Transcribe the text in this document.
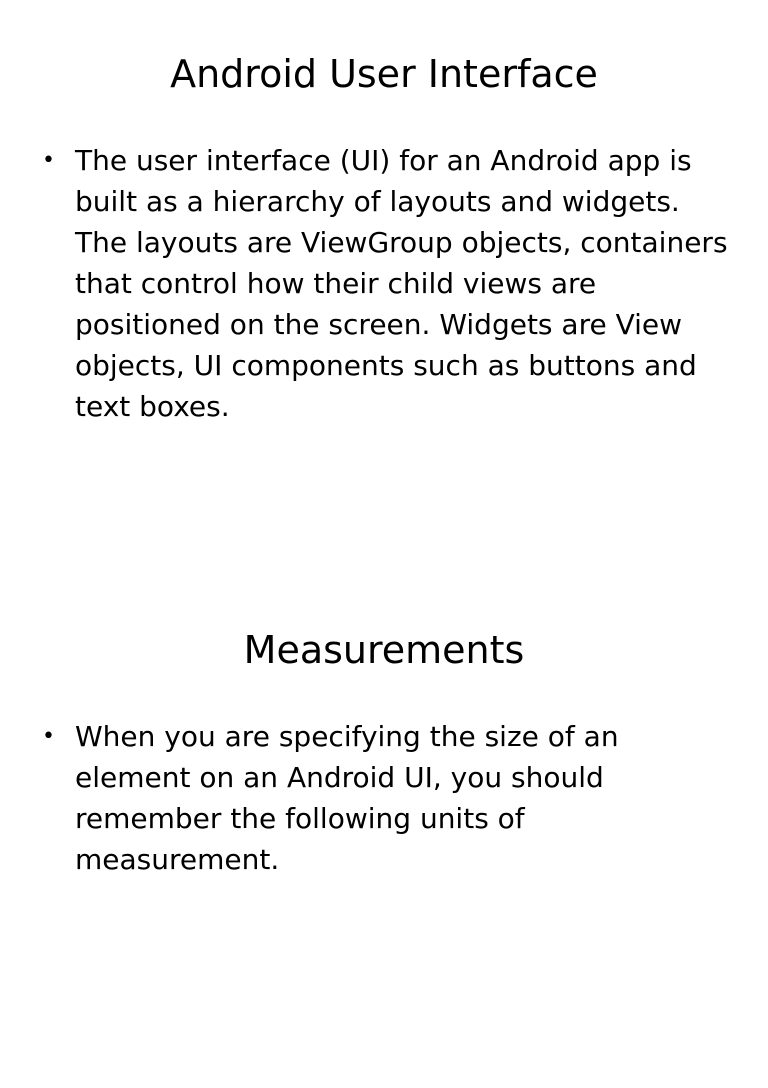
Android User Interface
• The user interface (UI) for an Android app is built as a hierarchy of layouts and widgets. The layouts are ViewGroup objects, containers that control how their child views are positioned on the screen. Widgets are View objects, UI components such as buttons and text boxes.
Measurements
• When you are specifying the size of an element on an Android UI, you should remember the following units of measurement.
